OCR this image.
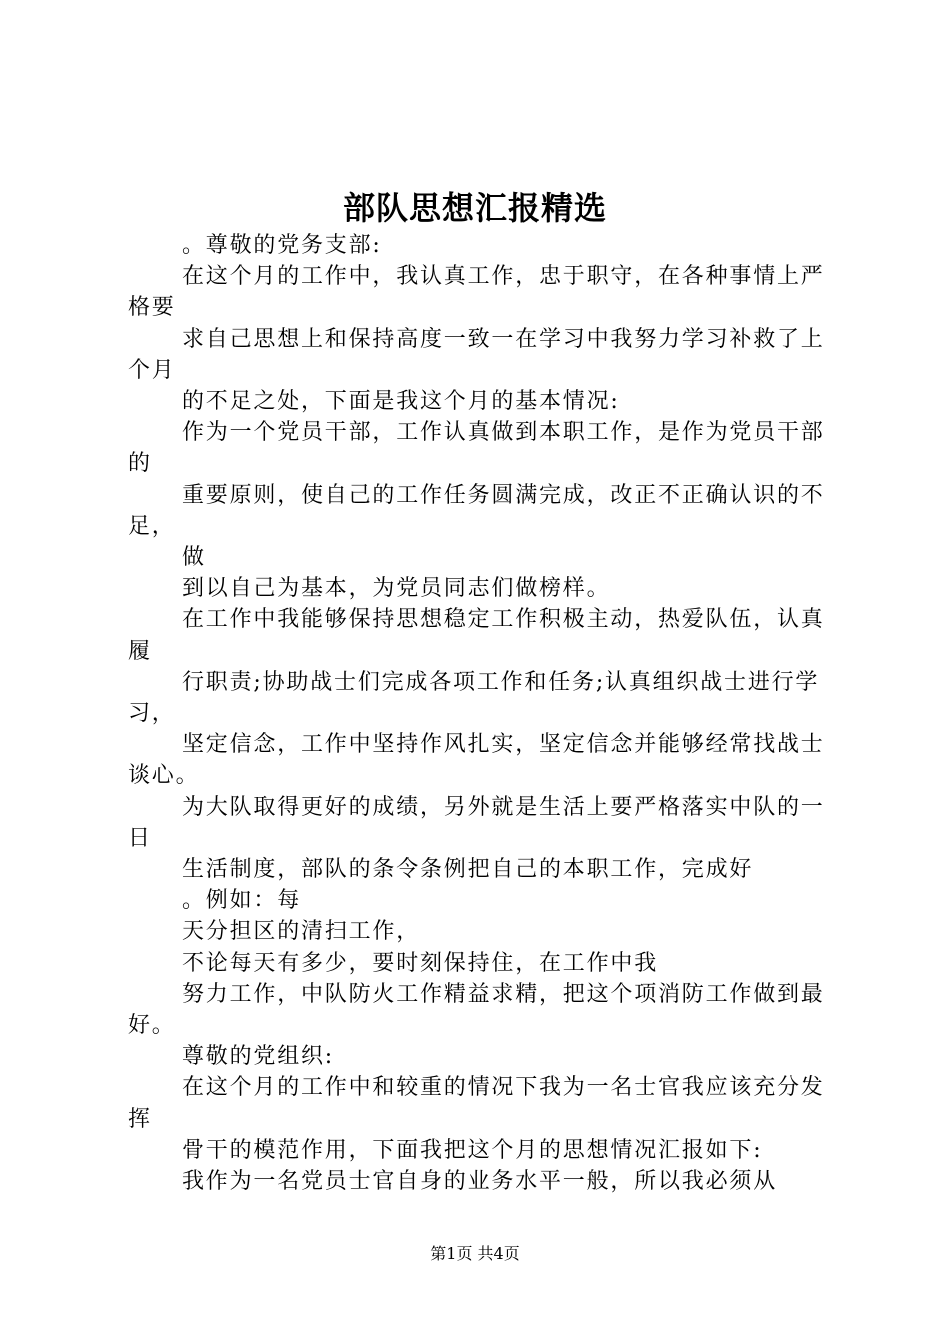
部队思想汇报精选

。尊敬的党务支部:

在这个月的工作中，我认真工作，忠于职守，在各种事情上严格要

求自己思想上和保持高度一致一在学习中我努力学习补救了上个月

的不足之处，下面是我这个月的基本情况:

作为一个党员干部，工作认真做到本职工作，是作为党员干部的

重要原则，使自己的工作任务圆满完成，改正不正确认识的不足，

做

到以自己为基本，为党员同志们做榜样。

在工作中我能够保持思想稳定工作积极主动，热爱队伍，认真履

行职责;协助战士们完成各项工作和任务;认真组织战士进行学习，

坚定信念，工作中坚持作风扎实，坚定信念并能够经常找战士谈心。

为大队取得更好的成绩，另外就是生活上要严格落实中队的一日

生活制度，部队的条令条例把自己的本职工作，完成好

。例如：每

天分担区的清扫工作，

不论每天有多少，要时刻保持住，在工作中我

努力工作，中队防火工作精益求精，把这个项消防工作做到最好。

尊敬的党组织:

在这个月的工作中和较重的情况下我为一名士官我应该充分发挥

骨干的模范作用，下面我把这个月的思想情况汇报如下:

我作为一名党员士官自身的业务水平一般，所以我必须从

第1页 共4页
